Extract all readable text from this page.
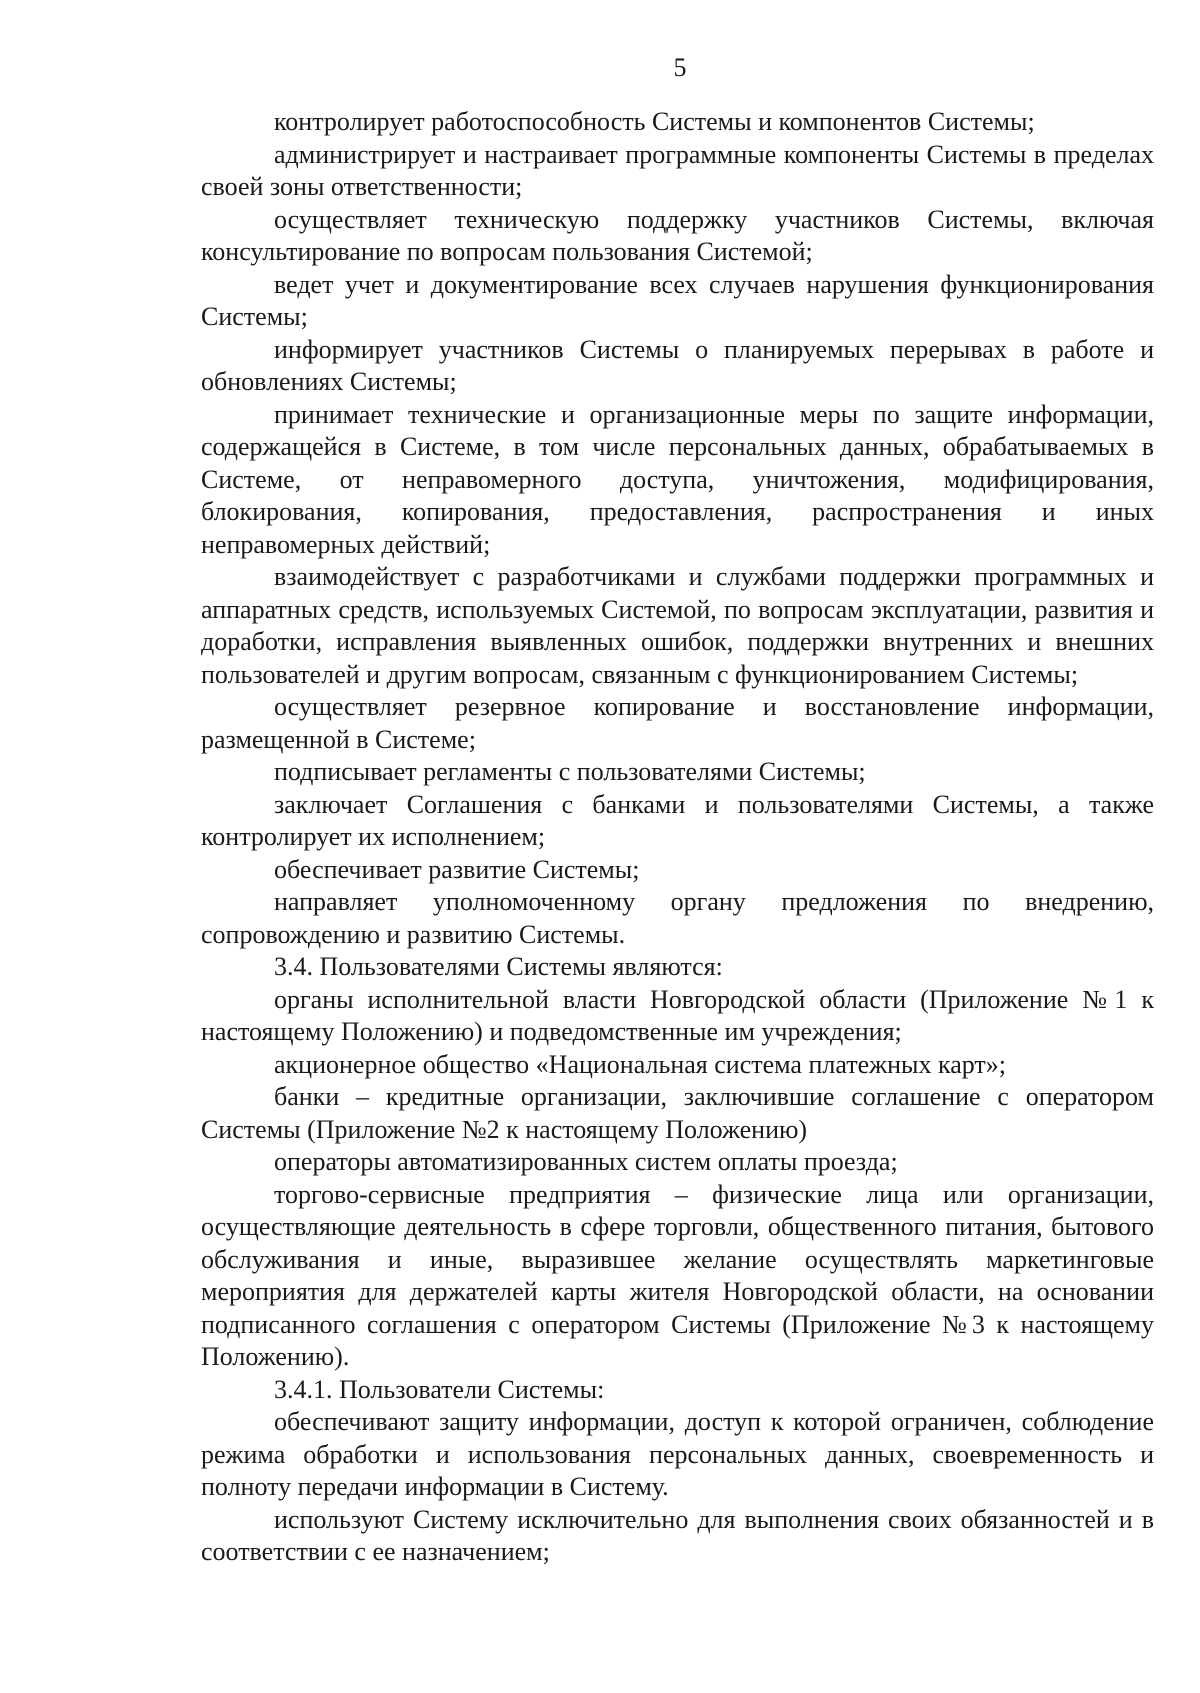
5

контролирует работоспособность Системы и компонентов Системы;

администрирует и настраивает программные компоненты Системы в пределах своей зоны ответственности;

осуществляет техническую поддержку участников Системы, включая консультирование по вопросам пользования Системой;

ведет учет и документирование всех случаев нарушения функционирования Системы;

информирует участников Системы о планируемых перерывах в работе и обновлениях Системы;

принимает технические и организационные меры по защите информации, содержащейся в Системе, в том числе персональных данных, обрабатываемых в Системе, от неправомерного доступа, уничтожения, модифицирования, блокирования, копирования, предоставления, распространения и иных неправомерных действий;

взаимодействует с разработчиками и службами поддержки программных и аппаратных средств, используемых Системой, по вопросам эксплуатации, развития и доработки, исправления выявленных ошибок, поддержки внутренних и внешних пользователей и другим вопросам, связанным с функционированием Системы;

осуществляет резервное копирование и восстановление информации, размещенной в Системе;

подписывает регламенты с пользователями Системы;

заключает Соглашения с банками и пользователями Системы, а также контролирует их исполнением;

обеспечивает развитие Системы;

направляет уполномоченному органу предложения по внедрению, сопровождению и развитию Системы.

3.4. Пользователями Системы являются:

органы исполнительной власти Новгородской области (Приложение №1 к настоящему Положению) и подведомственные им учреждения;

акционерное общество «Национальная система платежных карт»;

банки – кредитные организации, заключившие соглашение с оператором Системы (Приложение №2 к настоящему Положению)

операторы автоматизированных систем оплаты проезда;

торгово-сервисные предприятия – физические лица или организации, осуществляющие деятельность в сфере торговли, общественного питания, бытового обслуживания и иные, выразившее желание осуществлять маркетинговые мероприятия для держателей карты жителя Новгородской области, на основании подписанного соглашения с оператором Системы (Приложение №3 к настоящему Положению).

3.4.1. Пользователи Системы:

обеспечивают защиту информации, доступ к которой ограничен, соблюдение режима обработки и использования персональных данных, своевременность и полноту передачи информации в Систему.

используют Систему исключительно для выполнения своих обязанностей и в соответствии с ее назначением;
